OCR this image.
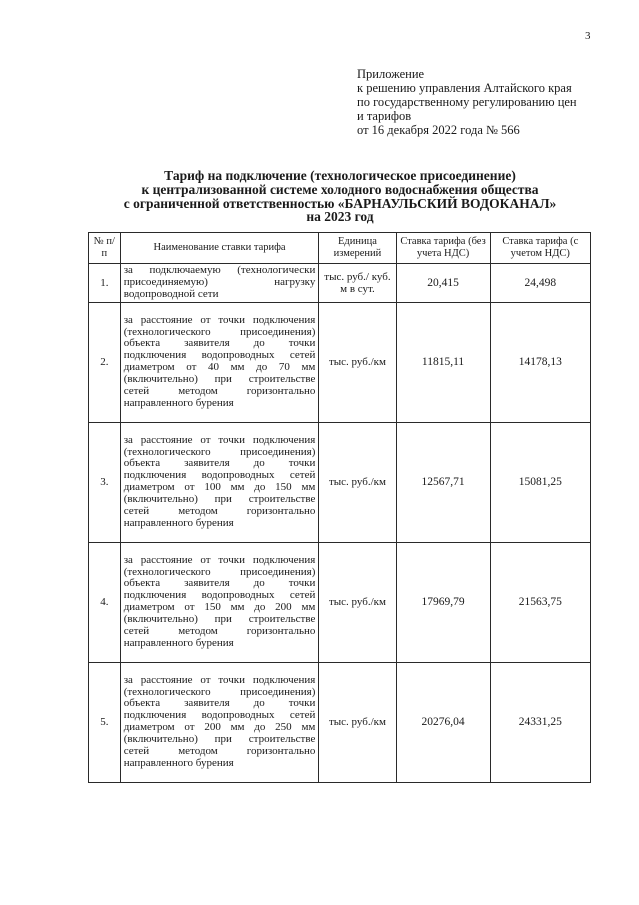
3
Приложение
к решению управления Алтайского края
по государственному регулированию цен
и тарифов
от 16 декабря 2022 года № 566
Тариф на подключение (технологическое присоединение)
к централизованной системе холодного водоснабжения общества
с ограниченной ответственностью «БАРНАУЛЬСКИЙ ВОДОКАНАЛ»
на 2023 год
№ п/п	Наименование ставки тарифа	Единица измерений	Ставка тарифа (без учета НДС)	Ставка тарифа (с учетом НДС)
1.	за подключаемую (технологически присоединяемую) нагрузку водопроводной сети	тыс. руб./ куб. м в сут.	20,415	24,498
2.	за расстояние от точки подключения (технологического присоединения) объекта заявителя до точки подключения водопроводных сетей диаметром от 40 мм до 70 мм (включительно) при строительстве сетей методом горизонтально направленного бурения	тыс. руб./км	11815,11	14178,13
3.	за расстояние от точки подключения (технологического присоединения) объекта заявителя до точки подключения водопроводных сетей диаметром от 100 мм до 150 мм (включительно) при строительстве сетей методом горизонтально направленного бурения	тыс. руб./км	12567,71	15081,25
4.	за расстояние от точки подключения (технологического присоединения) объекта заявителя до точки подключения водопроводных сетей диаметром от 150 мм до 200 мм (включительно) при строительстве сетей методом горизонтально направленного бурения	тыс. руб./км	17969,79	21563,75
5.	за расстояние от точки подключения (технологического присоединения) объекта заявителя до точки подключения водопроводных сетей диаметром от 200 мм до 250 мм (включительно) при строительстве сетей методом горизонтально направленного бурения	тыс. руб./км	20276,04	24331,25
